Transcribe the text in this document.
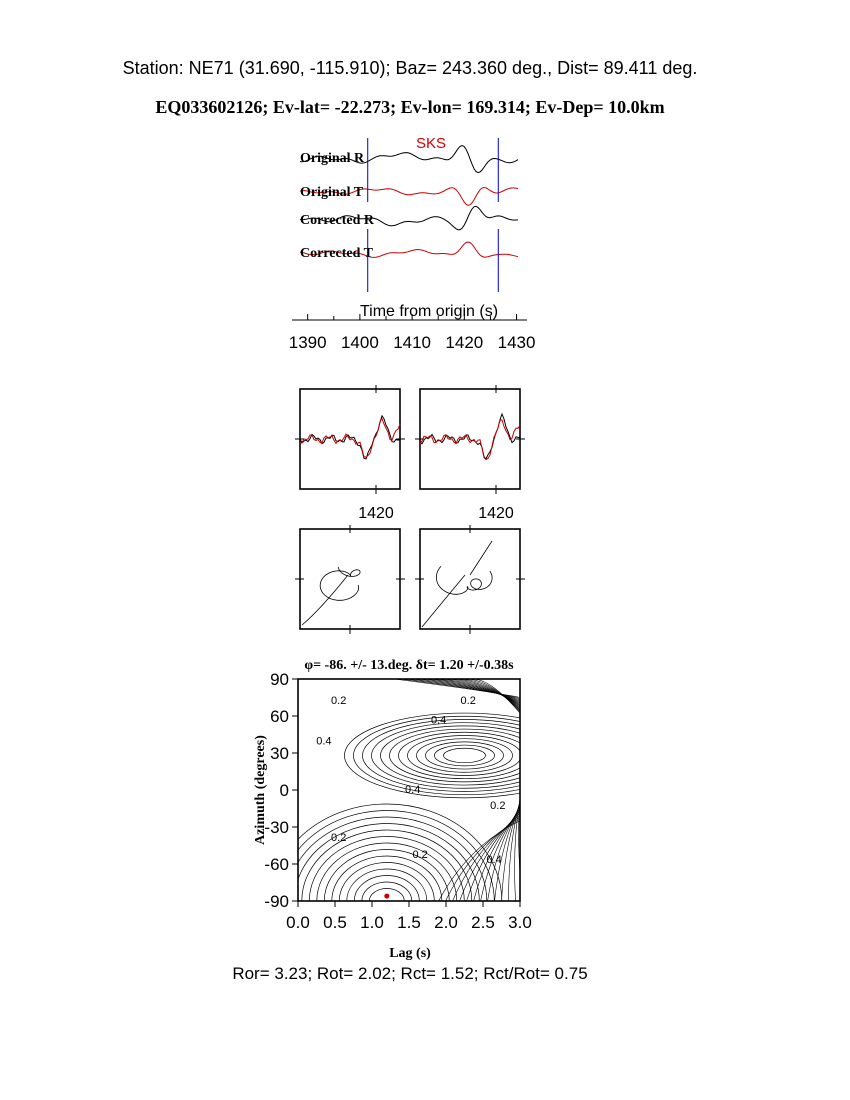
Station: NE71 (31.690, -115.910); Baz= 243.360 deg., Dist= 89.411 deg.
EQ033602126; Ev-lat= -22.273; Ev-lon= 169.314; Ev-Dep= 10.0km
SKS
Original R
Original T
Corrected R
Corrected T
Time from origin (s)
1390 1400 1410 1420 1430
1420	1420
φ= -86. +/- 13.deg. δt= 1.20 +/-0.38s
0.2	0.2
0.4
0.4
0.4
0.2
0.2
0.2	0.4
0.0 0.5 1.0 1.5 2.0 2.5 3.0
90
60
30
0
-30
-60
-90
Lag (s)
Azimuth (degrees)
Ror= 3.23; Rot= 2.02; Rct= 1.52; Rct/Rot= 0.75
